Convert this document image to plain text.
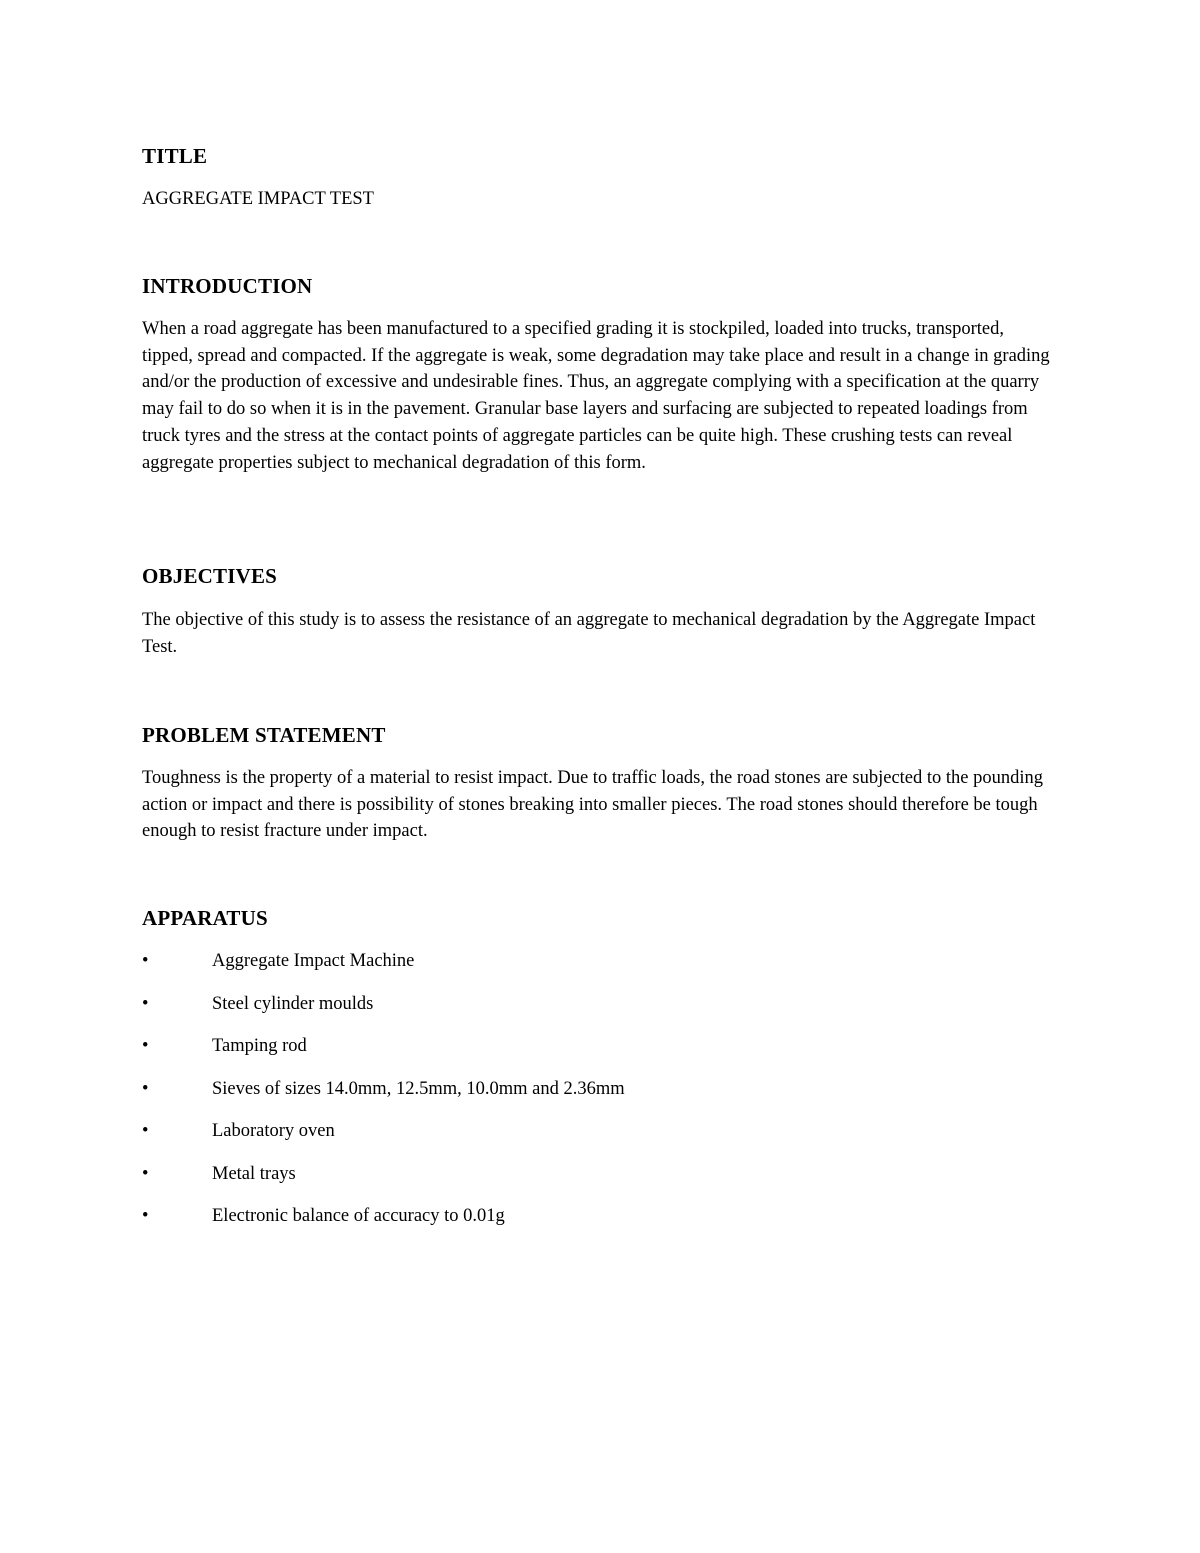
TITLE
AGGREGATE IMPACT TEST
INTRODUCTION
When a road aggregate has been manufactured to a specified grading it is stockpiled, loaded into trucks, transported, tipped, spread and compacted. If the aggregate is weak, some degradation may take place and result in a change in grading and/or the production of excessive and undesirable fines. Thus, an aggregate complying with a specification at the quarry may fail to do so when it is in the pavement. Granular base layers and surfacing are subjected to repeated loadings from truck tyres and the stress at the contact points of aggregate particles can be quite high. These crushing tests can reveal aggregate properties subject to mechanical degradation of this form.
OBJECTIVES
The objective of this study is to assess the resistance of an aggregate to mechanical degradation by the Aggregate Impact Test.
PROBLEM STATEMENT
Toughness is the property of a material to resist impact. Due to traffic loads, the road stones are subjected to the pounding action or impact and there is possibility of stones breaking into smaller pieces. The road stones should therefore be tough enough to resist fracture under impact.
APPARATUS
•	Aggregate Impact Machine
•	Steel cylinder moulds
•	Tamping rod
•	Sieves of sizes 14.0mm, 12.5mm, 10.0mm and 2.36mm
•	Laboratory oven
•	Metal trays
•	Electronic balance of accuracy to 0.01g
